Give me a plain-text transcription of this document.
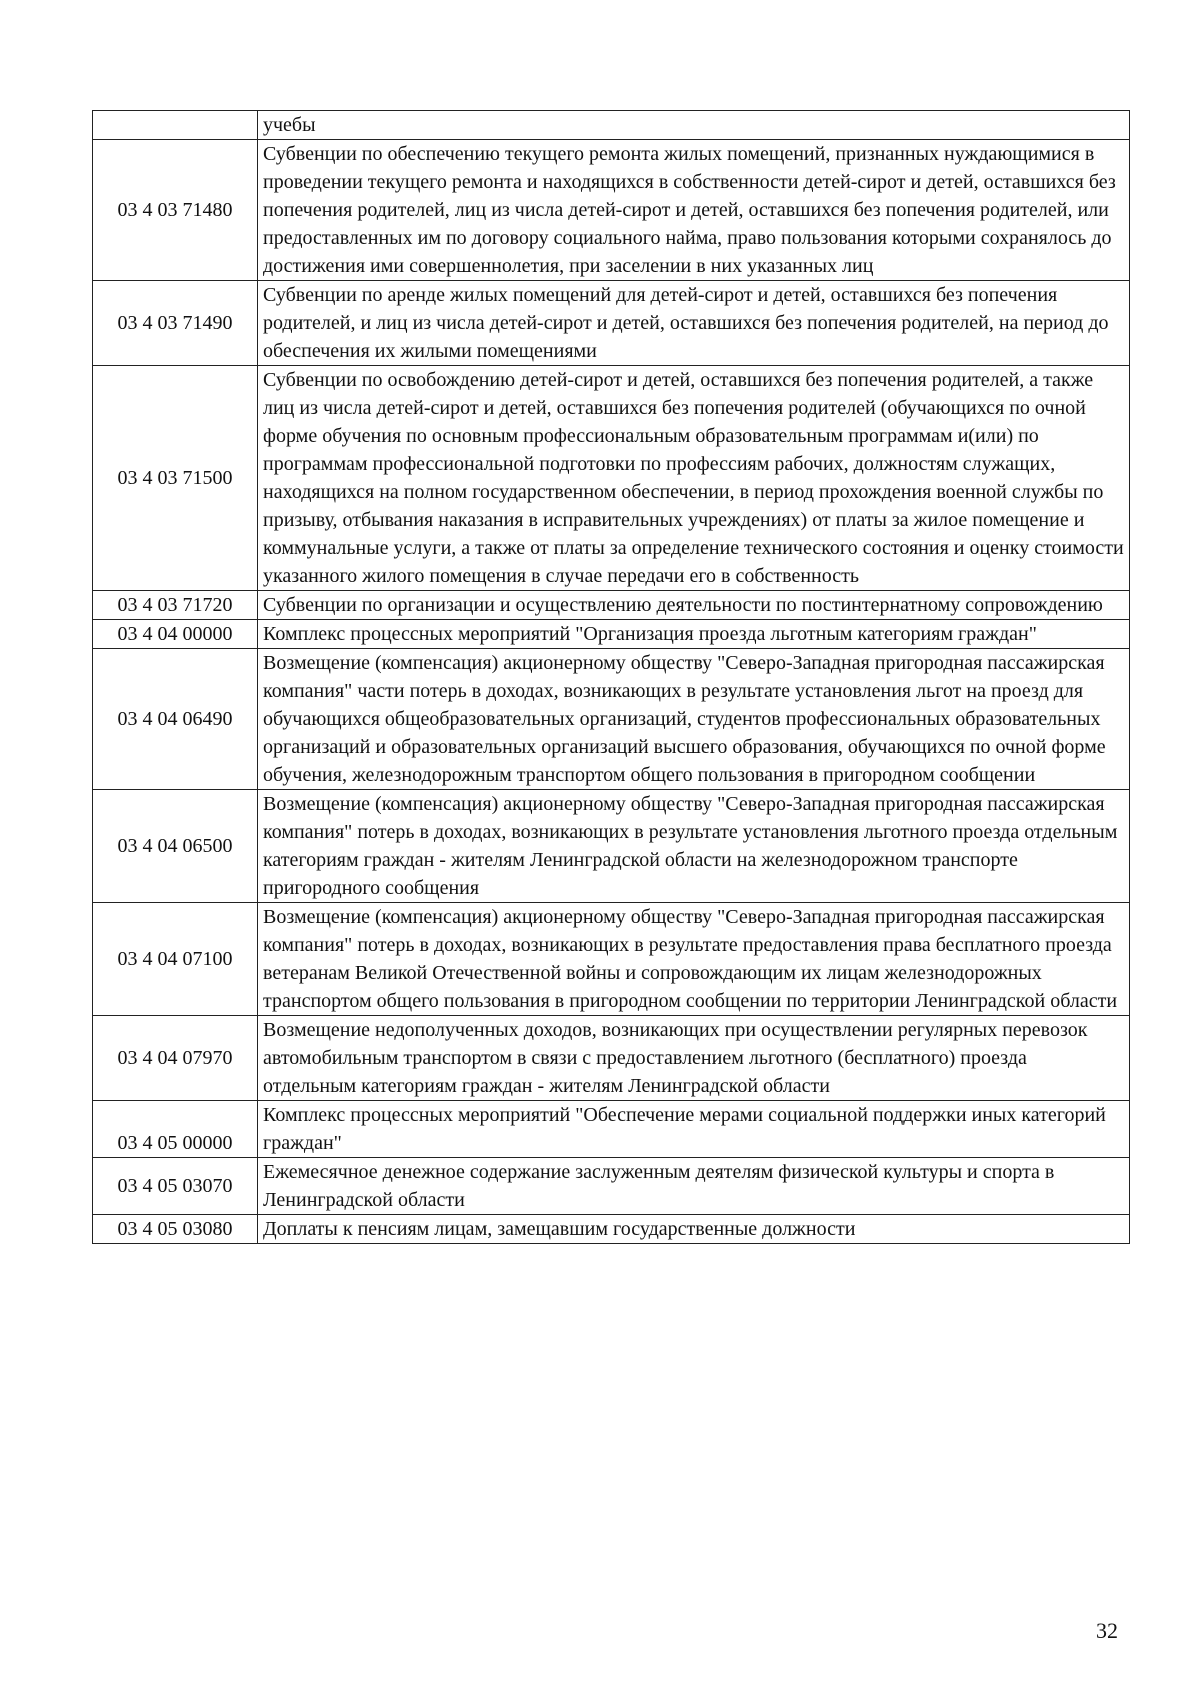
	учебы
03 4 03 71480	Субвенции по обеспечению текущего ремонта жилых помещений, признанных нуждающимися в проведении текущего ремонта и находящихся в собственности детей-сирот и детей, оставшихся без попечения родителей, лиц из числа детей-сирот и детей, оставшихся без попечения родителей, или предоставленных им по договору социального найма, право пользования которыми сохранялось до достижения ими совершеннолетия, при заселении в них указанных лиц
03 4 03 71490	Субвенции по аренде жилых помещений для детей-сирот и детей, оставшихся без попечения родителей, и лиц из числа детей-сирот и детей, оставшихся без попечения родителей, на период до обеспечения их жилыми помещениями
03 4 03 71500	Субвенции по освобождению детей-сирот и детей, оставшихся без попечения родителей, а также лиц из числа детей-сирот и детей, оставшихся без попечения родителей (обучающихся по очной форме обучения по основным профессиональным образовательным программам и(или) по программам профессиональной подготовки по профессиям рабочих, должностям служащих, находящихся на полном государственном обеспечении, в период прохождения военной службы по призыву, отбывания наказания в исправительных учреждениях) от платы за жилое помещение и коммунальные услуги, а также от платы за определение технического состояния и оценку стоимости указанного жилого помещения в случае передачи его в собственность
03 4 03 71720	Субвенции по организации и осуществлению деятельности по постинтернатному сопровождению
03 4 04 00000	Комплекс процессных мероприятий "Организация проезда льготным категориям граждан"
03 4 04 06490	Возмещение (компенсация) акционерному обществу "Северо-Западная пригородная пассажирская компания" части потерь в доходах, возникающих в результате установления льгот на проезд для обучающихся общеобразовательных организаций, студентов профессиональных образовательных организаций и образовательных организаций высшего образования, обучающихся по очной форме обучения, железнодорожным транспортом общего пользования в пригородном сообщении
03 4 04 06500	Возмещение (компенсация) акционерному обществу "Северо-Западная пригородная пассажирская компания" потерь в доходах, возникающих в результате установления льготного проезда отдельным категориям граждан - жителям Ленинградской области на железнодорожном транспорте пригородного сообщения
03 4 04 07100	Возмещение (компенсация) акционерному обществу "Северо-Западная пригородная пассажирская компания" потерь в доходах, возникающих в результате предоставления права бесплатного проезда ветеранам Великой Отечественной войны и сопровождающим их лицам железнодорожных транспортом общего пользования в пригородном сообщении по территории Ленинградской области
03 4 04 07970	Возмещение недополученных доходов, возникающих при осуществлении регулярных перевозок автомобильным транспортом в связи с предоставлением льготного (бесплатного) проезда отдельным категориям граждан - жителям Ленинградской области
03 4 05 00000	Комплекс процессных мероприятий "Обеспечение мерами социальной поддержки иных категорий граждан"
03 4 05 03070	Ежемесячное денежное содержание заслуженным деятелям физической культуры и спорта в Ленинградской области
03 4 05 03080	Доплаты к пенсиям лицам, замещавшим государственные должности
32
